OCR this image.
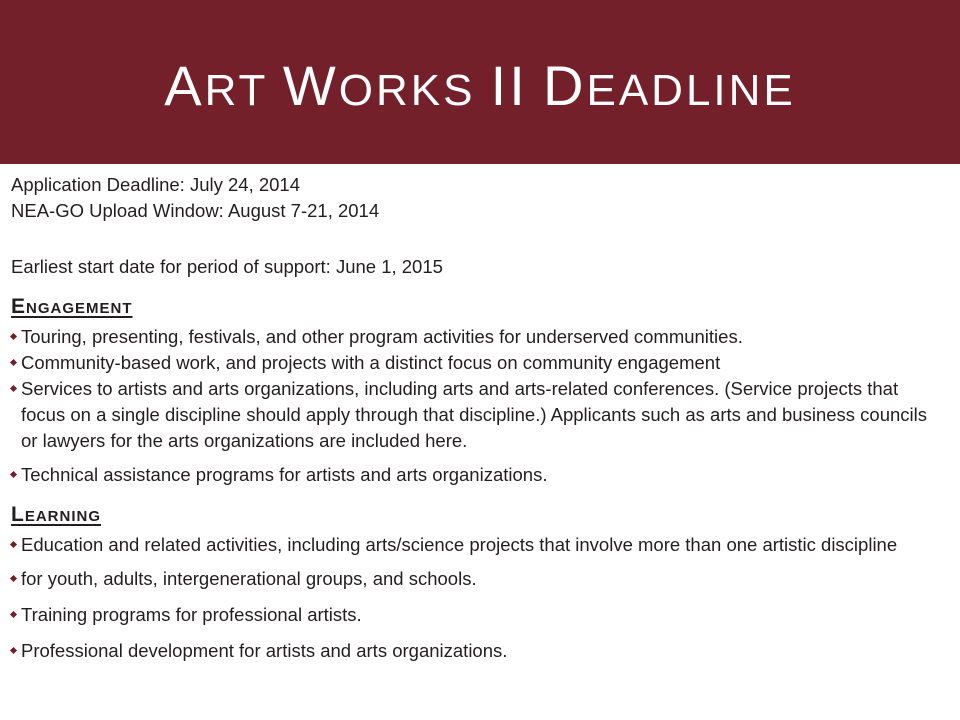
ART WORKS II DEADLINE
Application Deadline: July 24, 2014
NEA-GO Upload Window: August 7-21, 2014
Earliest start date for period of support: June 1, 2015
Engagement
Touring, presenting, festivals, and other program activities for underserved communities.
Community-based work, and projects with a distinct focus on community engagement
Services to artists and arts organizations, including arts and arts-related conferences. (Service projects that focus on a single discipline should apply through that discipline.) Applicants such as arts and business councils or lawyers for the arts organizations are included here.
Technical assistance programs for artists and arts organizations.
Learning
Education and related activities, including arts/science projects that involve more than one artistic discipline
for youth, adults, intergenerational groups, and schools.
Training programs for professional artists.
Professional development for artists and arts organizations.
